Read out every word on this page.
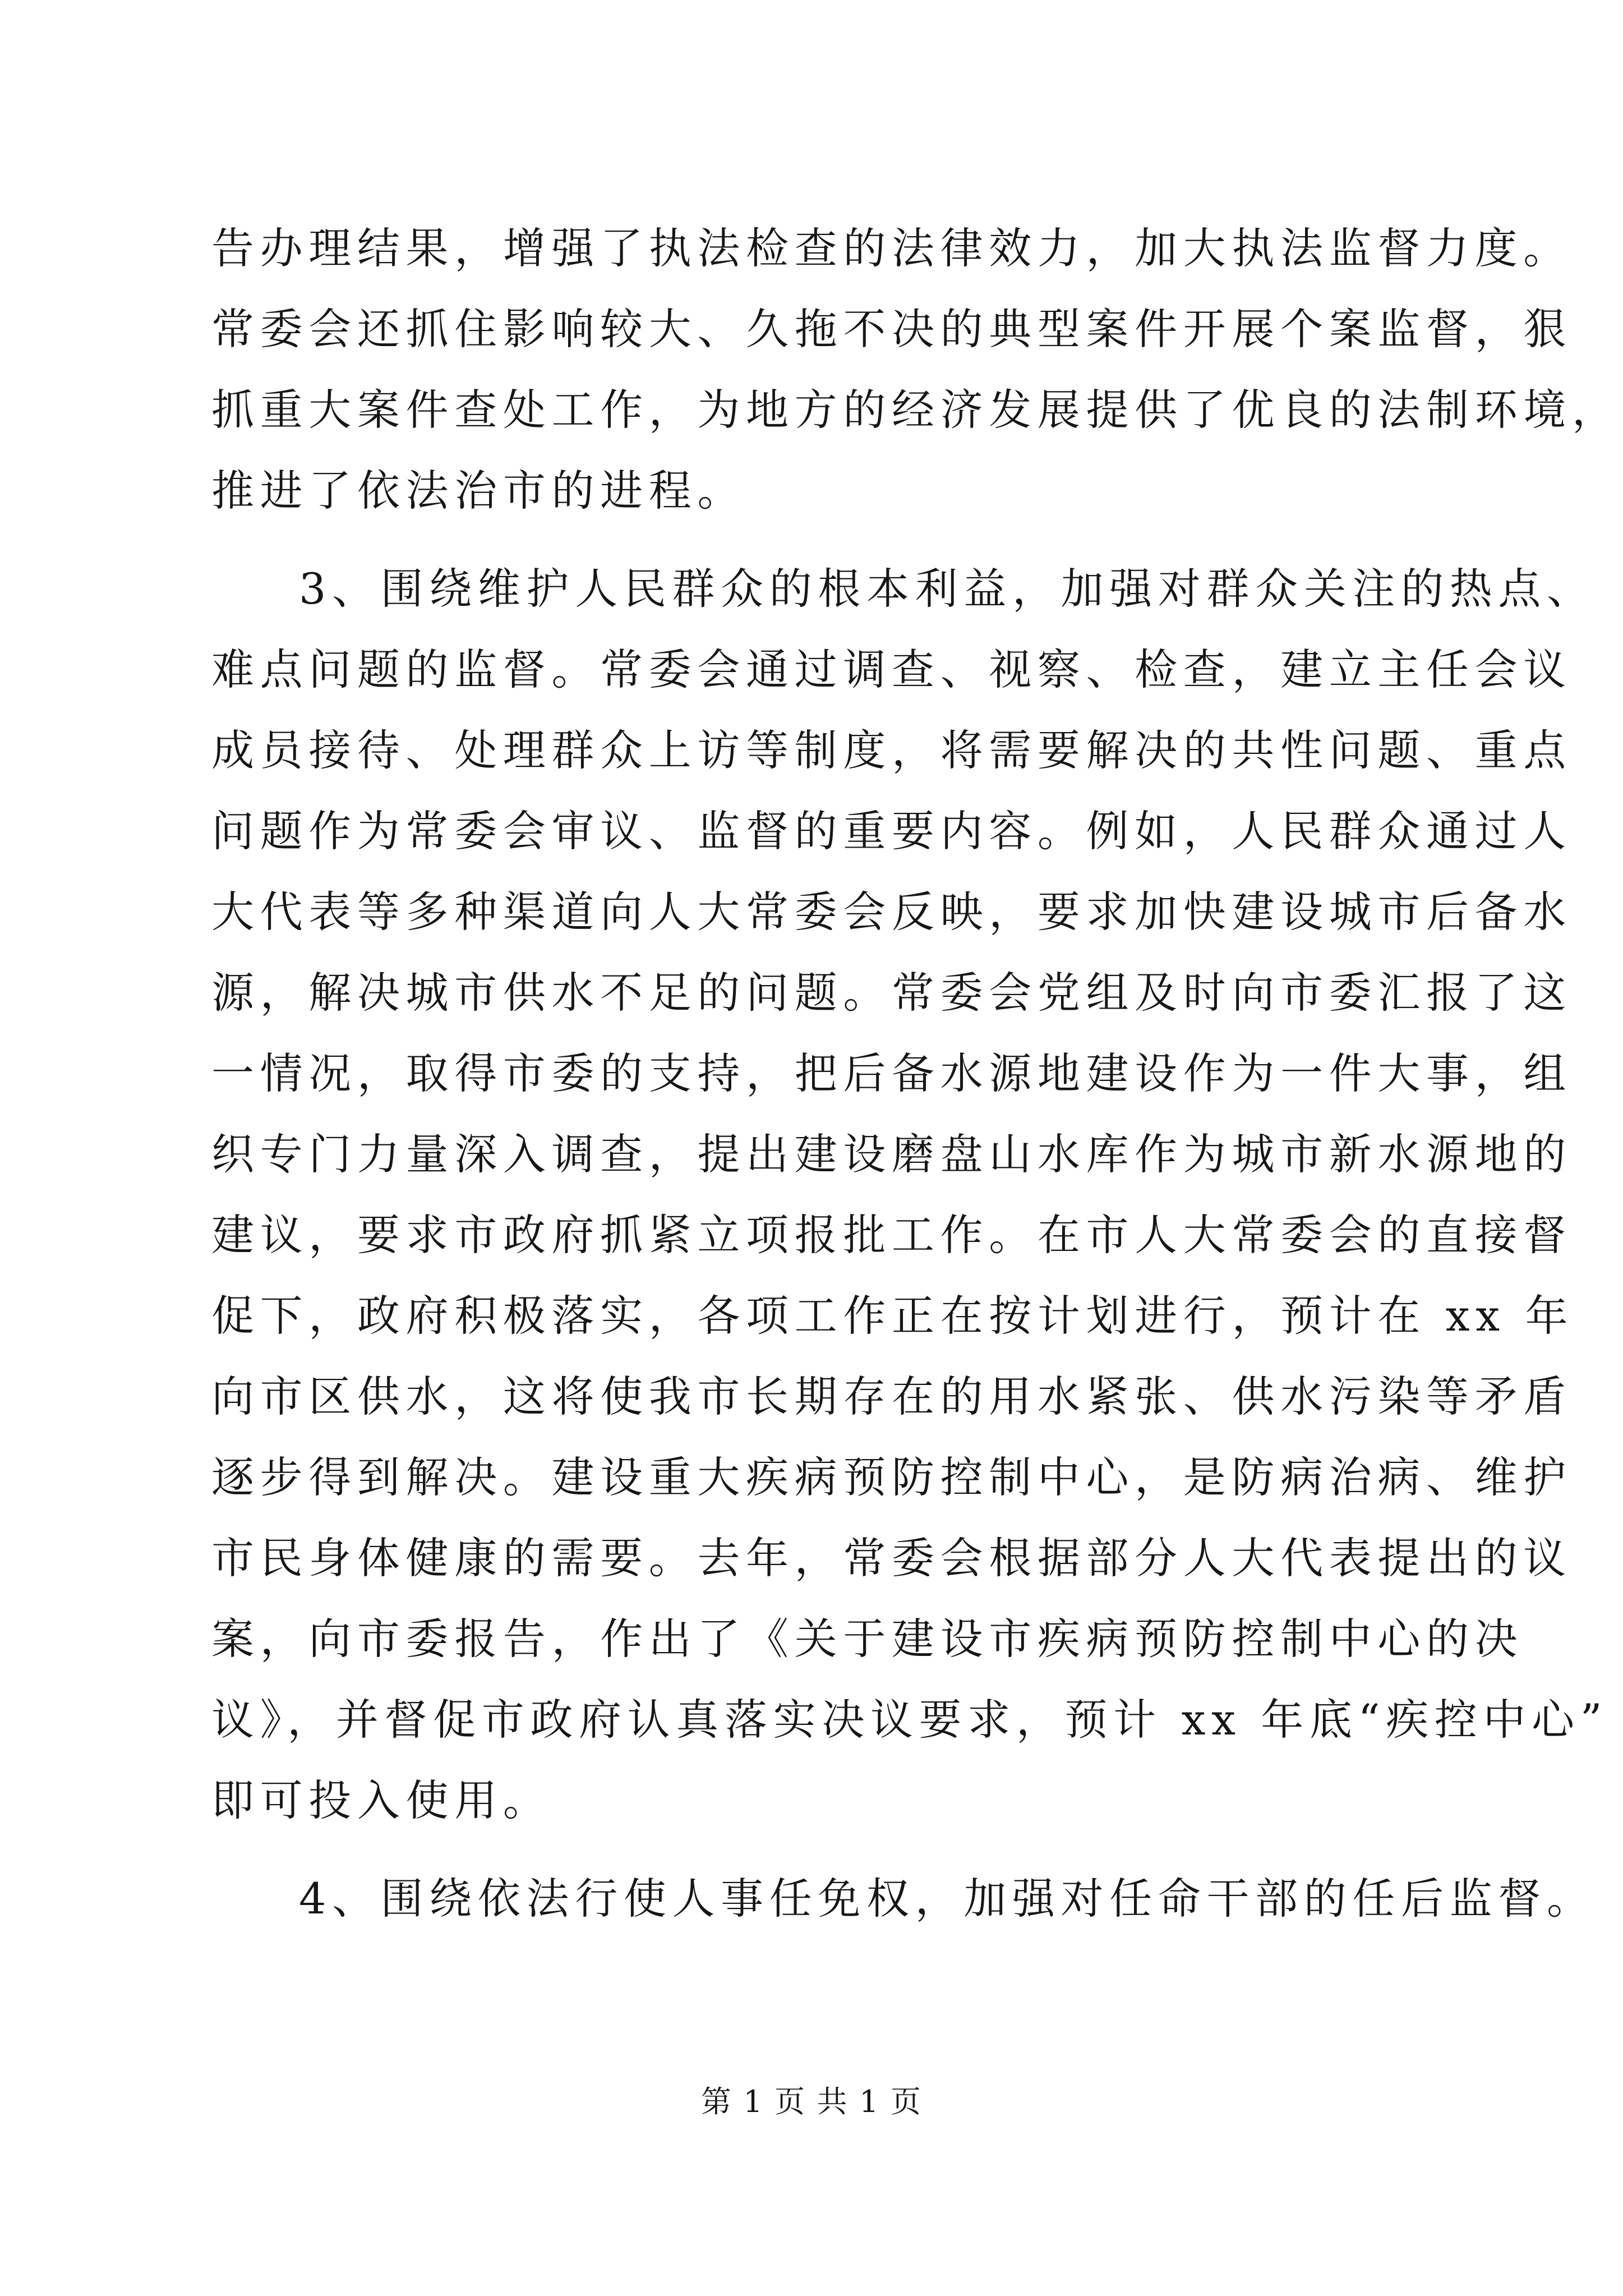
告办理结果，增强了执法检查的法律效力，加大执法监督力度。
常委会还抓住影响较大、久拖不决的典型案件开展个案监督，狠
抓重大案件查处工作，为地方的经济发展提供了优良的法制环境，
推进了依法治市的进程。
3、围绕维护人民群众的根本利益，加强对群众关注的热点、
难点问题的监督。常委会通过调查、视察、检查，建立主任会议
成员接待、处理群众上访等制度，将需要解决的共性问题、重点
问题作为常委会审议、监督的重要内容。例如，人民群众通过人
大代表等多种渠道向人大常委会反映，要求加快建设城市后备水
源，解决城市供水不足的问题。常委会党组及时向市委汇报了这
一情况，取得市委的支持，把后备水源地建设作为一件大事，组
织专门力量深入调查，提出建设磨盘山水库作为城市新水源地的
建议，要求市政府抓紧立项报批工作。在市人大常委会的直接督
促下，政府积极落实，各项工作正在按计划进行，预计在 xx 年
向市区供水，这将使我市长期存在的用水紧张、供水污染等矛盾
逐步得到解决。建设重大疾病预防控制中心，是防病治病、维护
市民身体健康的需要。去年，常委会根据部分人大代表提出的议
案，向市委报告，作出了《关于建设市疾病预防控制中心的决
议》，并督促市政府认真落实决议要求，预计 xx 年底“疾控中心”
即可投入使用。
4、围绕依法行使人事任免权，加强对任命干部的任后监督。
第 1 页 共 1 页
